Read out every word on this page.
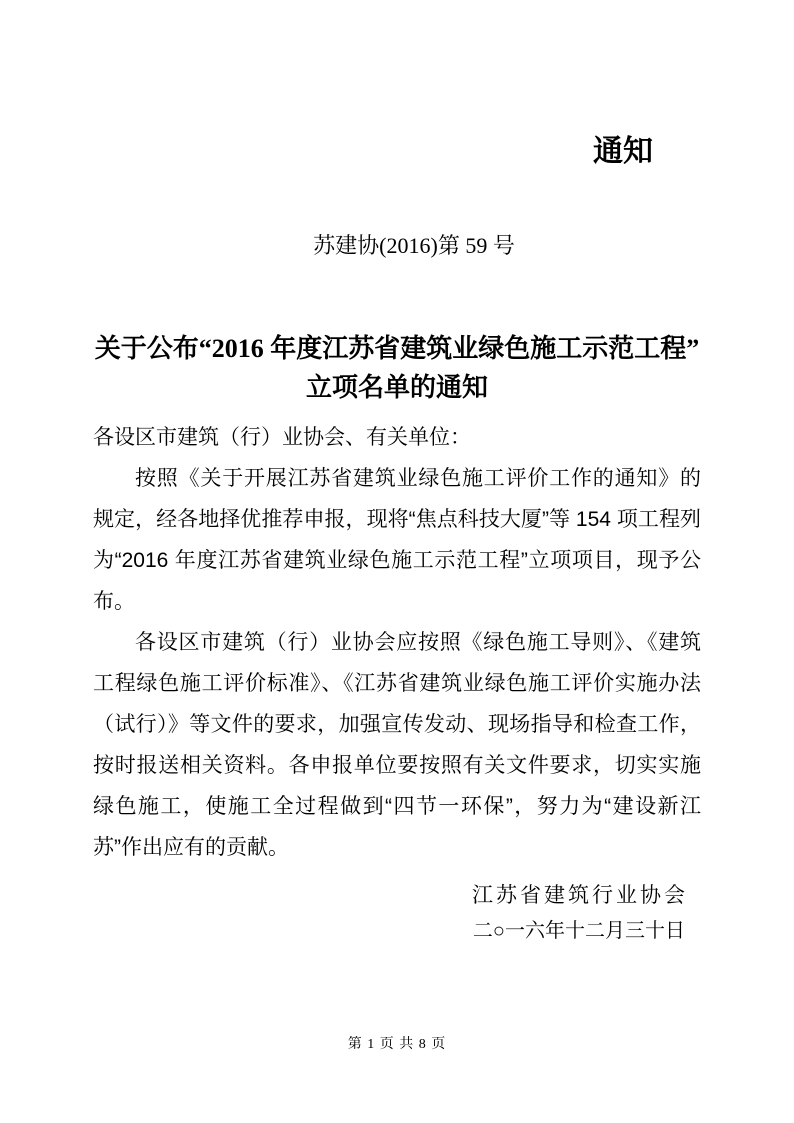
通知
苏建协(2016)第 59 号
关于公布“2016 年度江苏省建筑业绿色施工示范工程”
立项名单的通知
各设区市建筑（行）业协会、有关单位：
按照《关于开展江苏省建筑业绿色施工评价工作的通知》的规定，经各地择优推荐申报，现将“焦点科技大厦”等 154 项工程列为“2016 年度江苏省建筑业绿色施工示范工程”立项项目，现予公布。
各设区市建筑（行）业协会应按照《绿色施工导则》、《建筑工程绿色施工评价标准》、《江苏省建筑业绿色施工评价实施办法（试行）》等文件的要求，加强宣传发动、现场指导和检查工作，按时报送相关资料。各申报单位要按照有关文件要求，切实实施绿色施工，使施工全过程做到“四节一环保”，努力为“建设新江苏”作出应有的贡献。
江苏省建筑行业协会
二○一六年十二月三十日
第 1 页 共 8 页
